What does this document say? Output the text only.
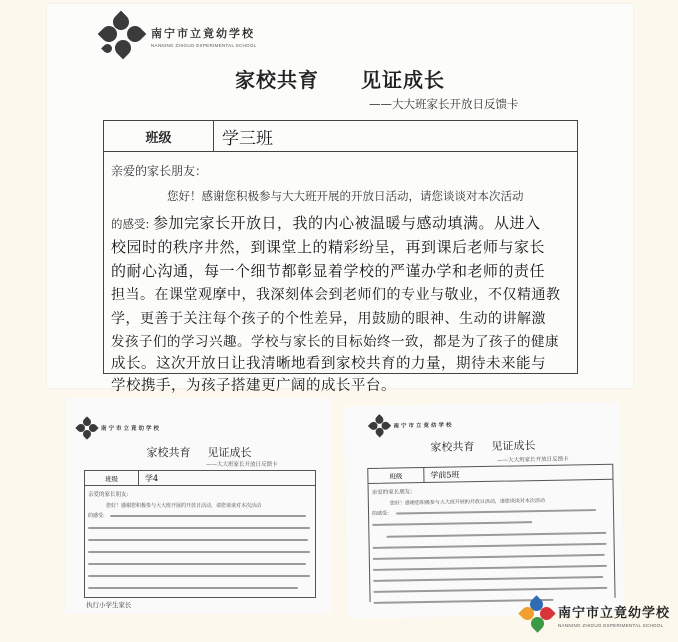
南宁市立竟幼学校
NANNING ZHIGUO EXPERIMENTAL SCHOOL
家校共育 见证成长
——大大班家长开放日反馈卡
班级	学三班
亲爱的家长朋友：
您好！感谢您积极参与大大班开展的开放日活动，请您谈谈对本次活动
的感受: 参加完家长开放日，我的内心被温暖与感动填满。从进入
校园时的秩序井然，到课堂上的精彩纷呈，再到课后老师与家长
的耐心沟通，每一个细节都彰显着学校的严谨办学和老师的责任
担当。在课堂观摩中，我深刻体会到老师们的专业与敬业，不仅精通教
学，更善于关注每个孩子的个性差异，用鼓励的眼神、生动的讲解激
发孩子们的学习兴趣。学校与家长的目标始终一致，都是为了孩子的健康
成长。这次开放日让我清晰地看到家校共育的力量，期待未来能与
学校携手，为孩子搭建更广阔的成长平台。
南宁市立竟幼学校
家校共育 见证成长
——大大班家长开放日反馈卡
班级	学4
亲爱的家长朋友:
您好！感谢您积极参与大大班开展的开放日活动，请您谈谈对本次活动
的感受:
执行小学生家长
南宁市立竟幼学校
家校共育 见证成长
——大大班家长开放日反馈卡
班级	学前5班
亲爱的家长朋友:
您好！感谢您积极参与大大班开展的开放日活动，请您谈谈对本次活动
的感受:
南宁市立竟幼学校
NANNING ZHIGUO EXPERIMENTAL SCHOOL
